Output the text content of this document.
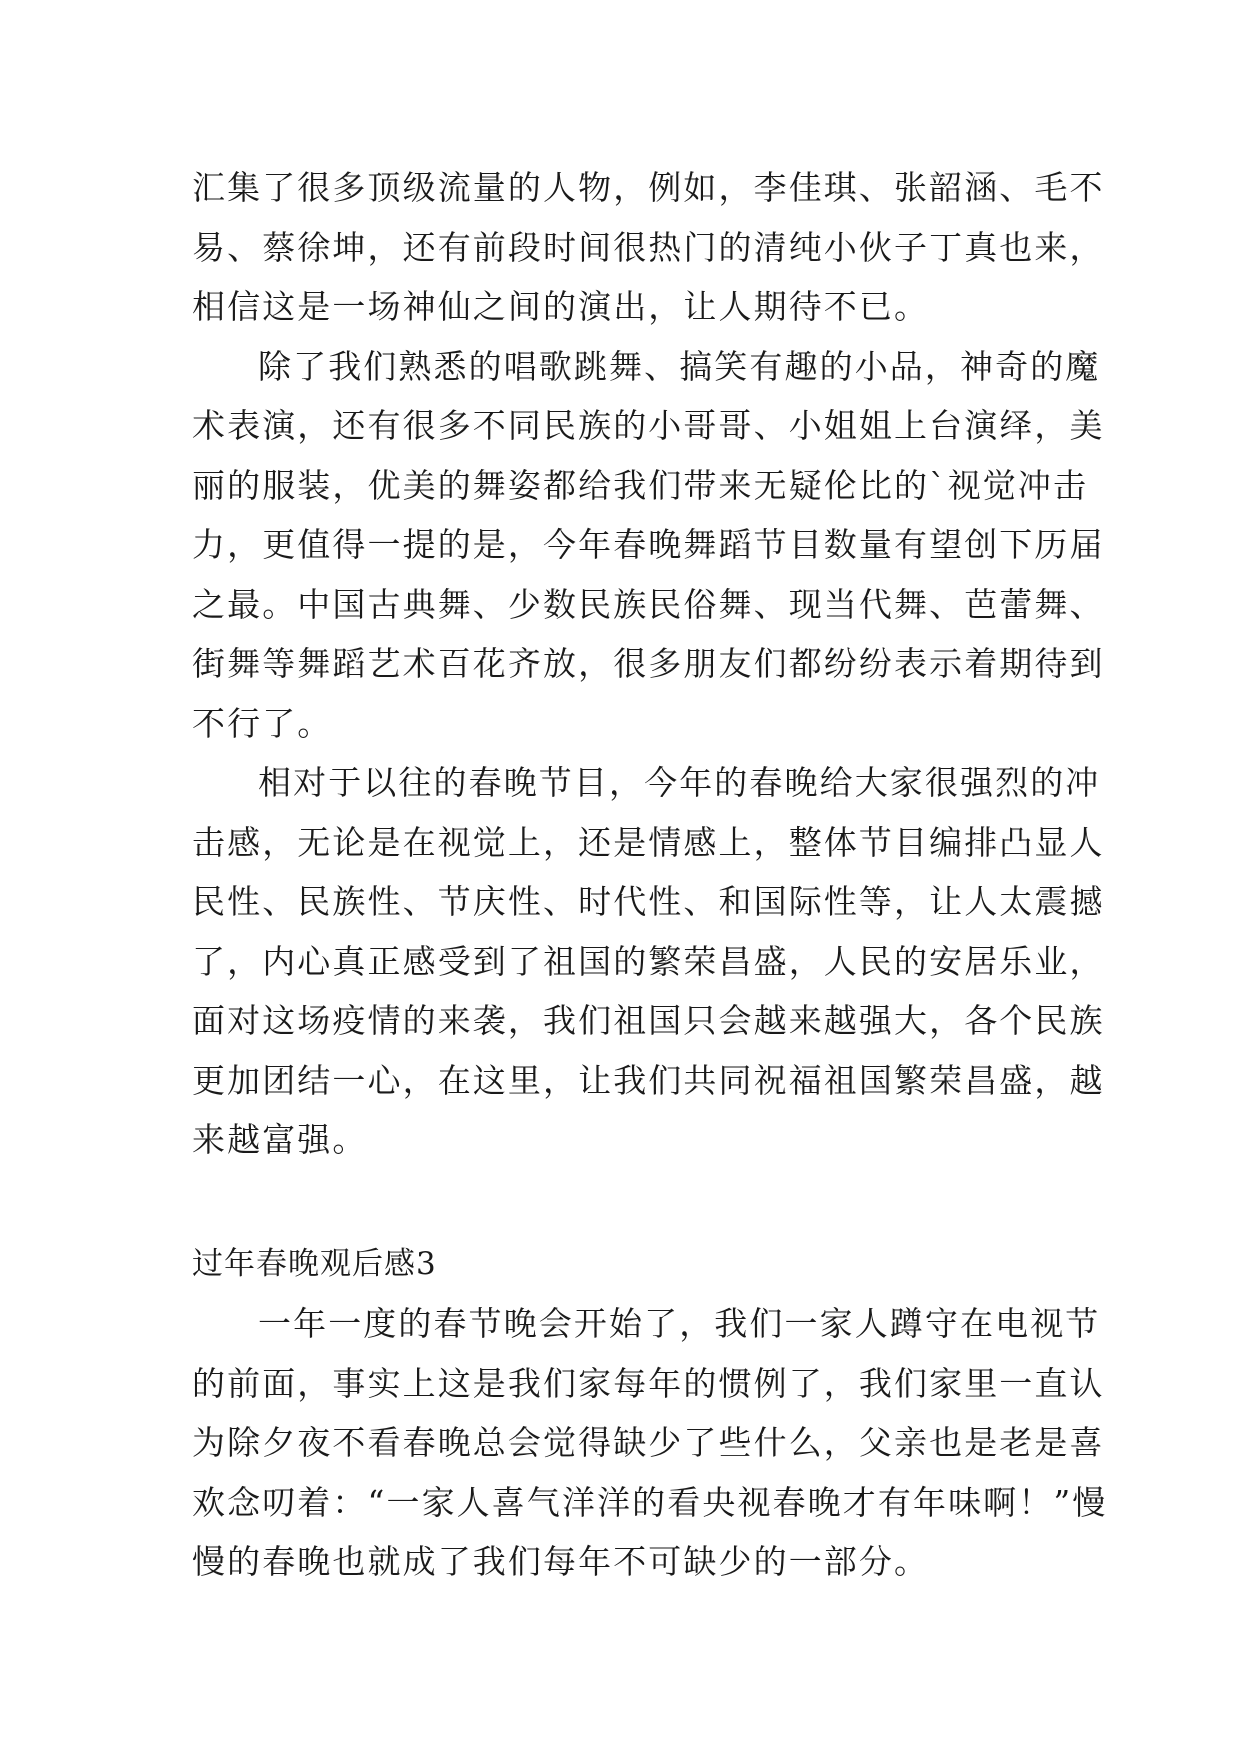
汇集了很多顶级流量的人物，例如，李佳琪、张韶涵、毛不
易、蔡徐坤，还有前段时间很热门的清纯小伙子丁真也来，
相信这是一场神仙之间的演出，让人期待不已。
除了我们熟悉的唱歌跳舞、搞笑有趣的小品，神奇的魔
术表演，还有很多不同民族的小哥哥、小姐姐上台演绎，美
丽的服装，优美的舞姿都给我们带来无疑伦比的`视觉冲击
力，更值得一提的是，今年春晚舞蹈节目数量有望创下历届
之最。中国古典舞、少数民族民俗舞、现当代舞、芭蕾舞、
街舞等舞蹈艺术百花齐放，很多朋友们都纷纷表示着期待到
不行了。
相对于以往的春晚节目，今年的春晚给大家很强烈的冲
击感，无论是在视觉上，还是情感上，整体节目编排凸显人
民性、民族性、节庆性、时代性、和国际性等，让人太震撼
了，内心真正感受到了祖国的繁荣昌盛，人民的安居乐业，
面对这场疫情的来袭，我们祖国只会越来越强大，各个民族
更加团结一心，在这里，让我们共同祝福祖国繁荣昌盛，越
来越富强。
过年春晚观后感3
一年一度的春节晚会开始了，我们一家人蹲守在电视节
的前面，事实上这是我们家每年的惯例了，我们家里一直认
为除夕夜不看春晚总会觉得缺少了些什么，父亲也是老是喜
欢念叨着：“一家人喜气洋洋的看央视春晚才有年味啊！”慢
慢的春晚也就成了我们每年不可缺少的一部分。
